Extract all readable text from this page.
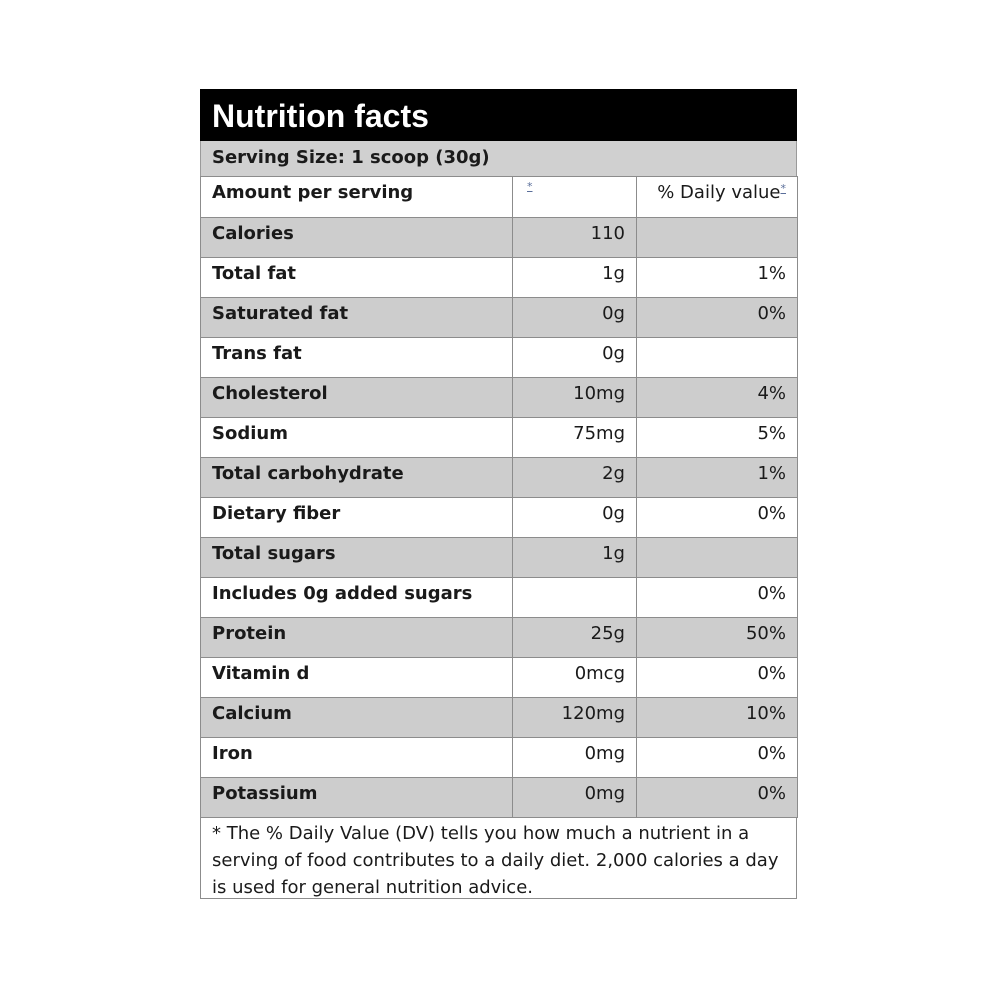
Nutrition facts
Serving Size: 1 scoop (30g)
Amount per serving	*	% Daily value*
Calories	110	
Total fat	1g	1%
Saturated fat	0g	0%
Trans fat	0g	
Cholesterol	10mg	4%
Sodium	75mg	5%
Total carbohydrate	2g	1%
Dietary fiber	0g	0%
Total sugars	1g	
Includes 0g added sugars		0%
Protein	25g	50%
Vitamin d	0mcg	0%
Calcium	120mg	10%
Iron	0mg	0%
Potassium	0mg	0%
* The % Daily Value (DV) tells you how much a nutrient in a serving of food contributes to a daily diet. 2,000 calories a day is used for general nutrition advice.
